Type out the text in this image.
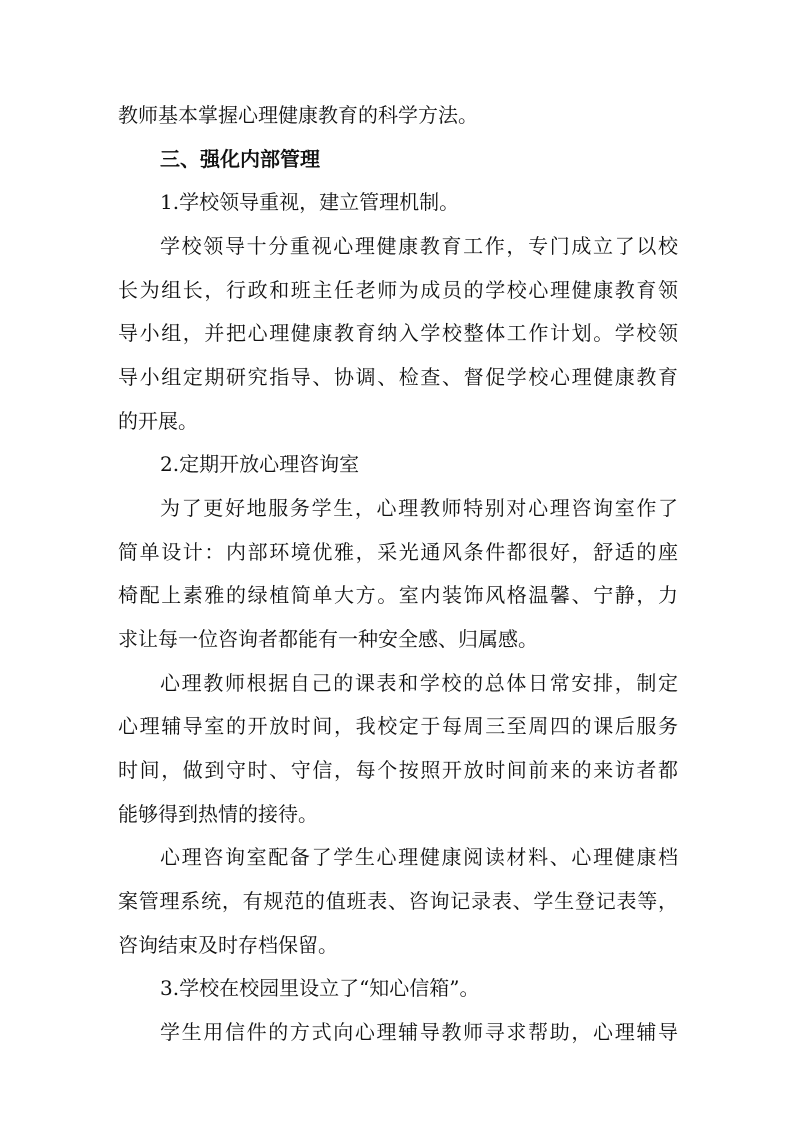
教师基本掌握心理健康教育的科学方法。
三、强化内部管理
1.学校领导重视，建立管理机制。
学校领导十分重视心理健康教育工作，专门成立了以校
长为组长，行政和班主任老师为成员的学校心理健康教育领
导小组，并把心理健康教育纳入学校整体工作计划。学校领
导小组定期研究指导、协调、检查、督促学校心理健康教育
的开展。
2.定期开放心理咨询室
为了更好地服务学生，心理教师特别对心理咨询室作了
简单设计：内部环境优雅，采光通风条件都很好，舒适的座
椅配上素雅的绿植简单大方。室内装饰风格温馨、宁静，力
求让每一位咨询者都能有一种安全感、归属感。
心理教师根据自己的课表和学校的总体日常安排，制定
心理辅导室的开放时间，我校定于每周三至周四的课后服务
时间，做到守时、守信，每个按照开放时间前来的来访者都
能够得到热情的接待。
心理咨询室配备了学生心理健康阅读材料、心理健康档
案管理系统，有规范的值班表、咨询记录表、学生登记表等，
咨询结束及时存档保留。
3.学校在校园里设立了“知心信箱”。
学生用信件的方式向心理辅导教师寻求帮助，心理辅导
